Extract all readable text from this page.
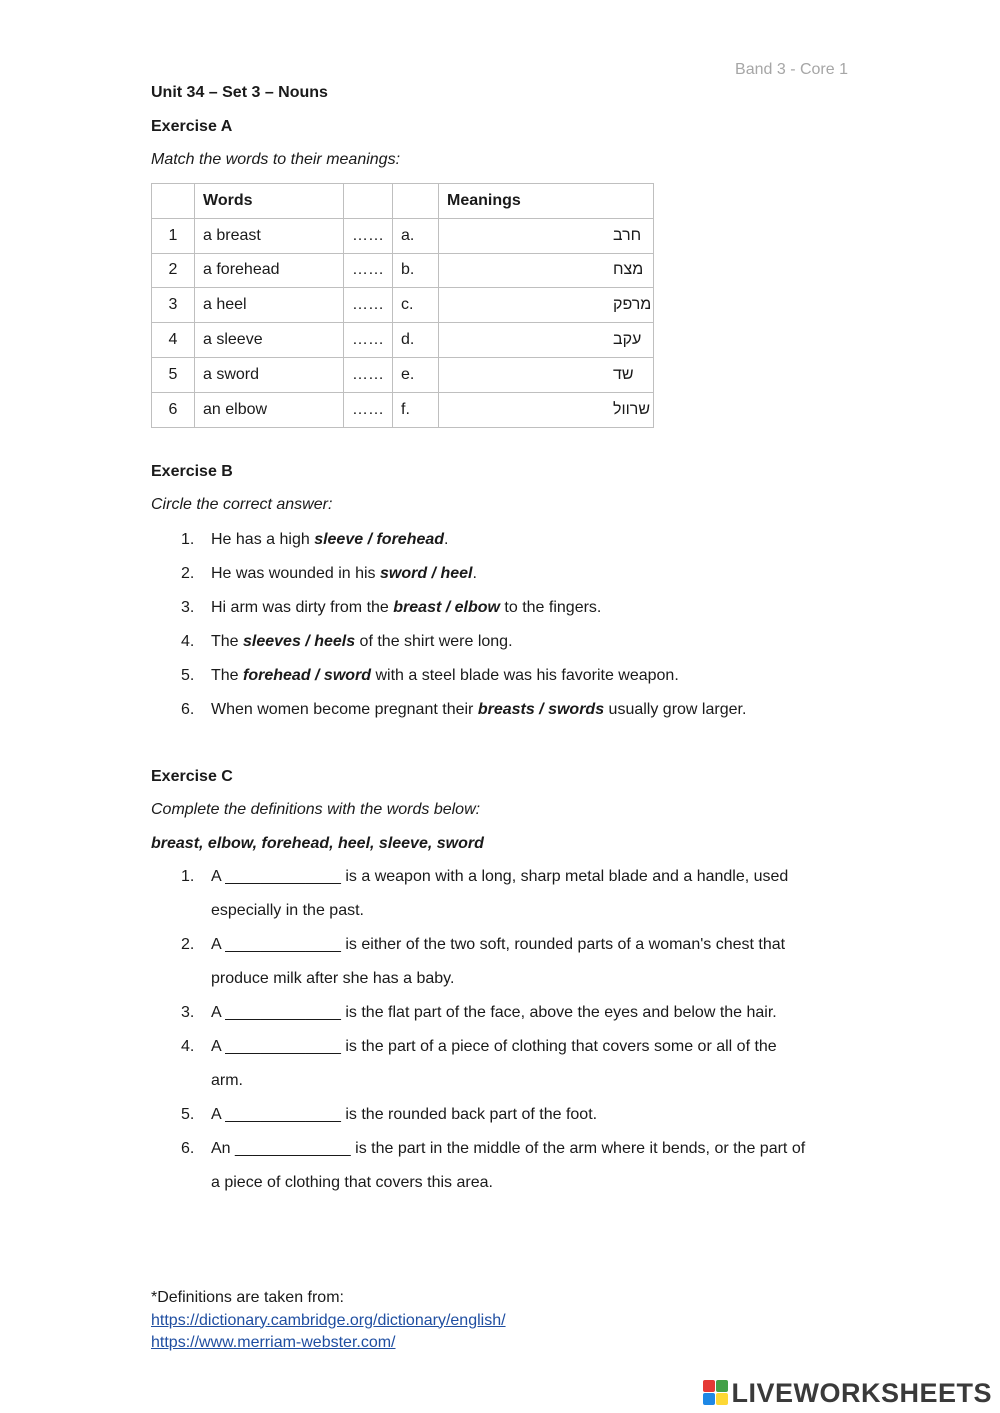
Band 3 - Core 1
Unit 34 – Set 3 – Nouns
Exercise A
Match the words to their meanings:
	Words			Meanings
1	a breast	……	a.	חרב
2	a forehead	……	b.	מצח
3	a heel	……	c.	מרפק
4	a sleeve	……	d.	עקב
5	a sword	……	e.	שד
6	an elbow	……	f.	שרוול
Exercise B
Circle the correct answer:
1. He has a high sleeve / forehead.
2. He was wounded in his sword / heel.
3. Hi arm was dirty from the breast / elbow to the fingers.
4. The sleeves / heels of the shirt were long.
5. The forehead / sword with a steel blade was his favorite weapon.
6. When women become pregnant their breasts / swords usually grow larger.
Exercise C
Complete the definitions with the words below:
breast, elbow, forehead, heel, sleeve, sword
1. A _____________ is a weapon with a long, sharp metal blade and a handle, used
especially in the past.
2. A _____________ is either of the two soft, rounded parts of a woman's chest that
produce milk after she has a baby.
3. A _____________ is the flat part of the face, above the eyes and below the hair.
4. A _____________ is the part of a piece of clothing that covers some or all of the
arm.
5. A _____________ is the rounded back part of the foot.
6. An _____________ is the part in the middle of the arm where it bends, or the part of
a piece of clothing that covers this area.
*Definitions are taken from:
https://dictionary.cambridge.org/dictionary/english/
https://www.merriam-webster.com/
LIVEWORKSHEETS
